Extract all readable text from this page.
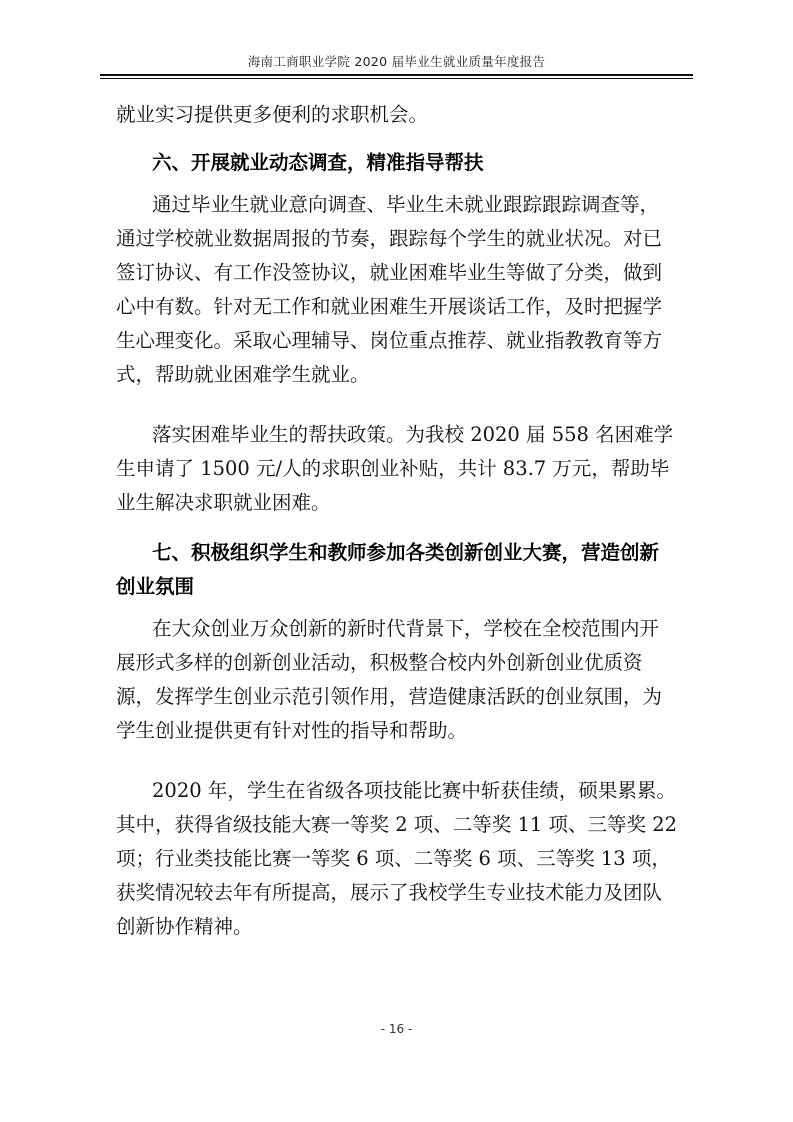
海南工商职业学院 2020 届毕业生就业质量年度报告
就业实习提供更多便利的求职机会。
六、开展就业动态调查，精准指导帮扶
通过毕业生就业意向调查、毕业生未就业跟踪跟踪调查等，
通过学校就业数据周报的节奏，跟踪每个学生的就业状况。对已
签订协议、有工作没签协议，就业困难毕业生等做了分类，做到
心中有数。针对无工作和就业困难生开展谈话工作，及时把握学
生心理变化。采取心理辅导、岗位重点推荐、就业指教教育等方
式，帮助就业困难学生就业。
落实困难毕业生的帮扶政策。为我校 2020 届 558 名困难学
生申请了 1500 元/人的求职创业补贴，共计 83.7 万元，帮助毕
业生解决求职就业困难。
七、积极组织学生和教师参加各类创新创业大赛，营造创新
创业氛围
在大众创业万众创新的新时代背景下，学校在全校范围内开
展形式多样的创新创业活动，积极整合校内外创新创业优质资
源，发挥学生创业示范引领作用，营造健康活跃的创业氛围，为
学生创业提供更有针对性的指导和帮助。
2020 年，学生在省级各项技能比赛中斩获佳绩，硕果累累。
其中，获得省级技能大赛一等奖 2 项、二等奖 11 项、三等奖 22
项；行业类技能比赛一等奖 6 项、二等奖 6 项、三等奖 13 项，
获奖情况较去年有所提高，展示了我校学生专业技术能力及团队
创新协作精神。
- 16 -
